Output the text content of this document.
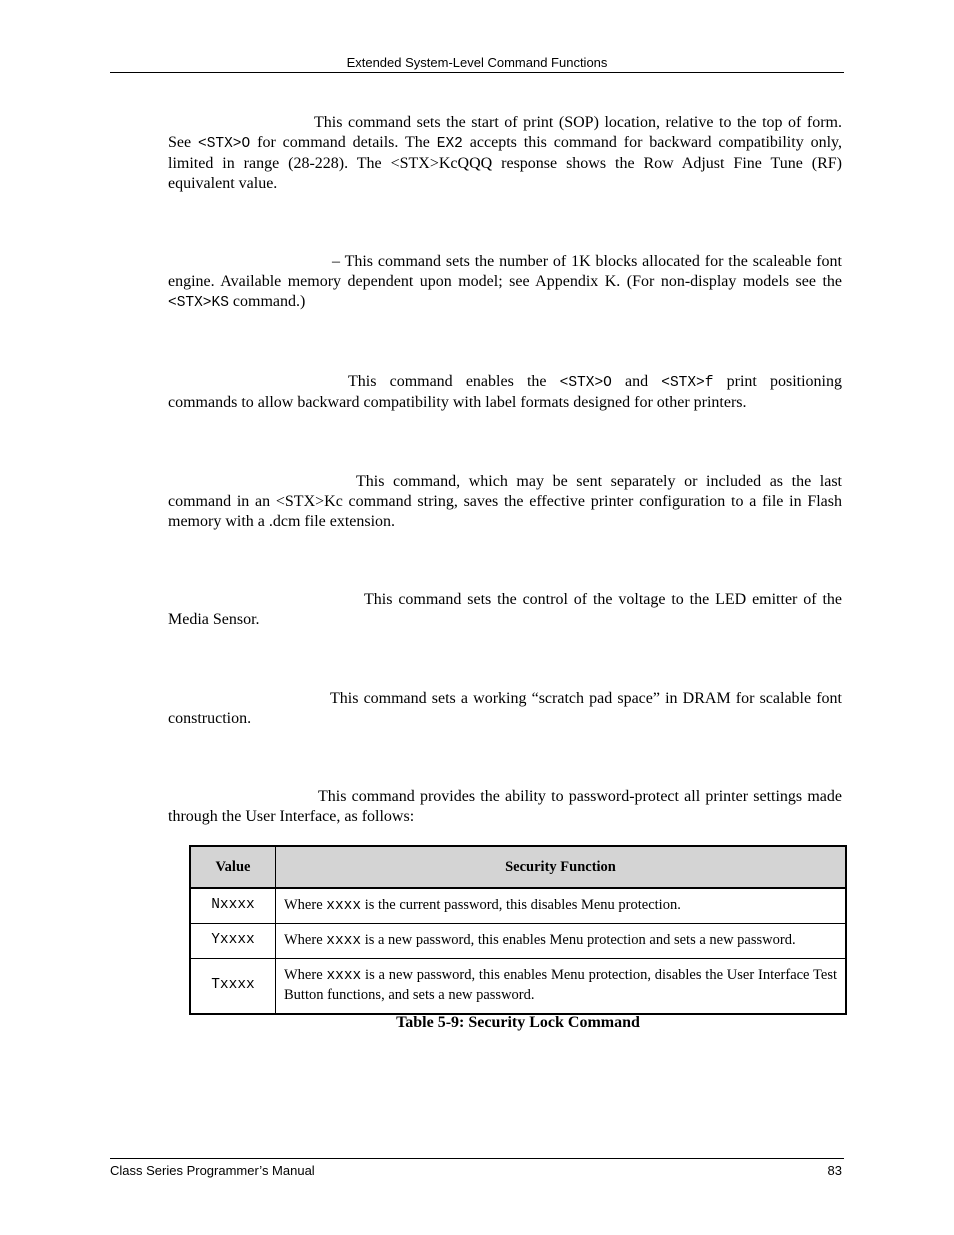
Extended System-Level Command Functions

This command sets the start of print (SOP) location, relative to the top of form. See <STX>O for command details. The EX2 accepts this command for backward compatibility only, limited in range (28-228). The <STX>KcQQQ response shows the Row Adjust Fine Tune (RF) equivalent value.

– This command sets the number of 1K blocks allocated for the scaleable font engine. Available memory dependent upon model; see Appendix K. (For non-display models see the <STX>KS command.)

This command enables the <STX>O and <STX>f print positioning commands to allow backward compatibility with label formats designed for other printers.

This command, which may be sent separately or included as the last command in an <STX>Kc command string, saves the effective printer configuration to a file in Flash memory with a .dcm file extension.

This command sets the control of the voltage to the LED emitter of the Media Sensor.

This command sets a working “scratch pad space” in DRAM for scalable font construction.

This command provides the ability to password-protect all printer settings made through the User Interface, as follows:

Value	Security Function
Nxxxx	Where xxxx is the current password, this disables Menu protection.
Yxxxx	Where xxxx is a new password, this enables Menu protection and sets a new password.
Txxxx	Where xxxx is a new password, this enables Menu protection, disables the User Interface Test Button functions, and sets a new password.
Table 5-9: Security Lock Command
Class Series Programmer’s Manual	83
